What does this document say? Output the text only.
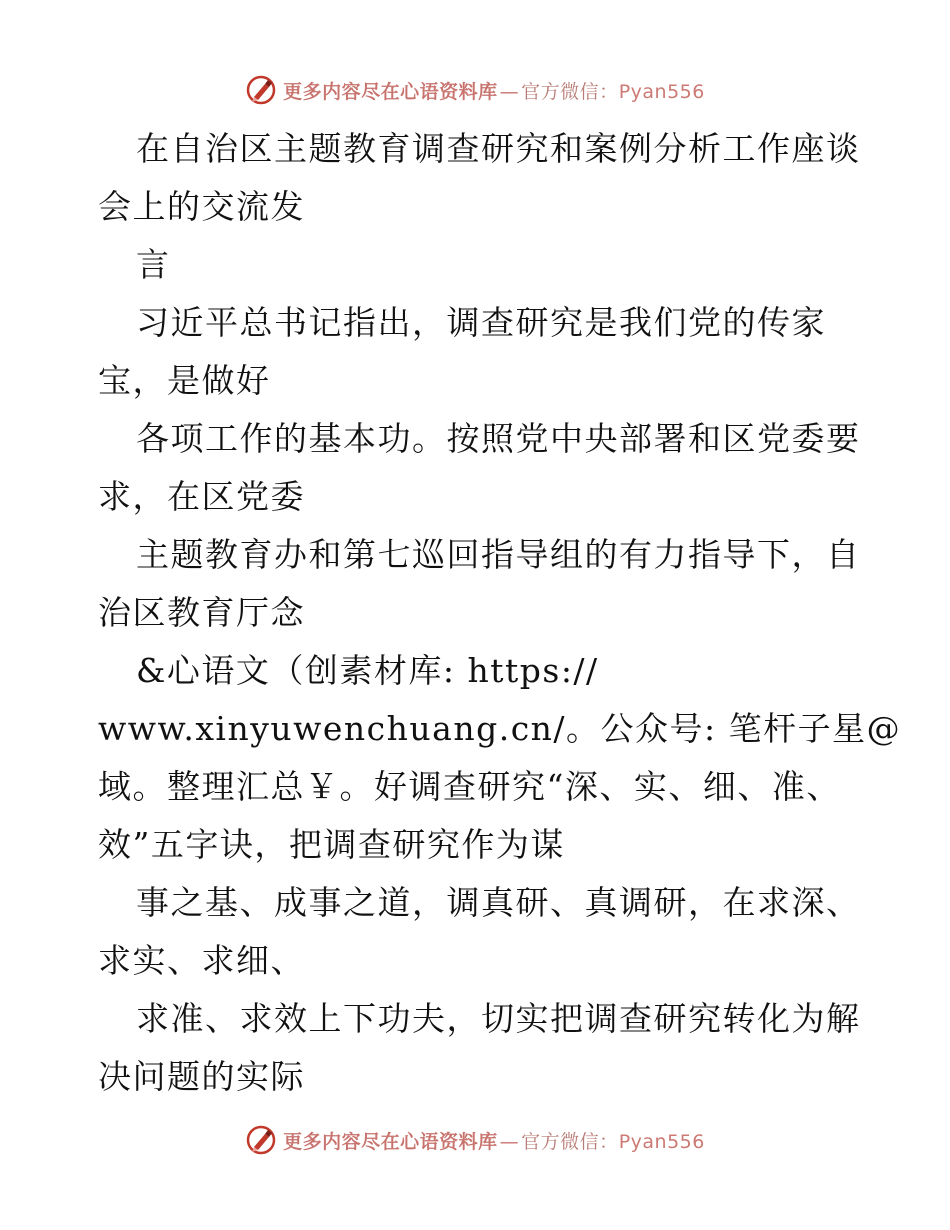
更多内容尽在心语资料库 — 官方微信：Pyan556
在自治区主题教育调查研究和案例分析工作座谈
会上的交流发
言
习近平总书记指出，调查研究是我们党的传家
宝，是做好
各项工作的基本功。按照党中央部署和区党委要
求，在区党委
主题教育办和第七巡回指导组的有力指导下，自
治区教育厅念
&心语文（创素材库: https://
www.xinyuwenchuang.cn/。公众号: 笔杆子星@
域。整理汇总￥。好调查研究“深、实、细、准、
效”五字诀，把调查研究作为谋
事之基、成事之道，调真研、真调研，在求深、
求实、求细、
求准、求效上下功夫，切实把调查研究转化为解
决问题的实际
更多内容尽在心语资料库 — 官方微信：Pyan556
